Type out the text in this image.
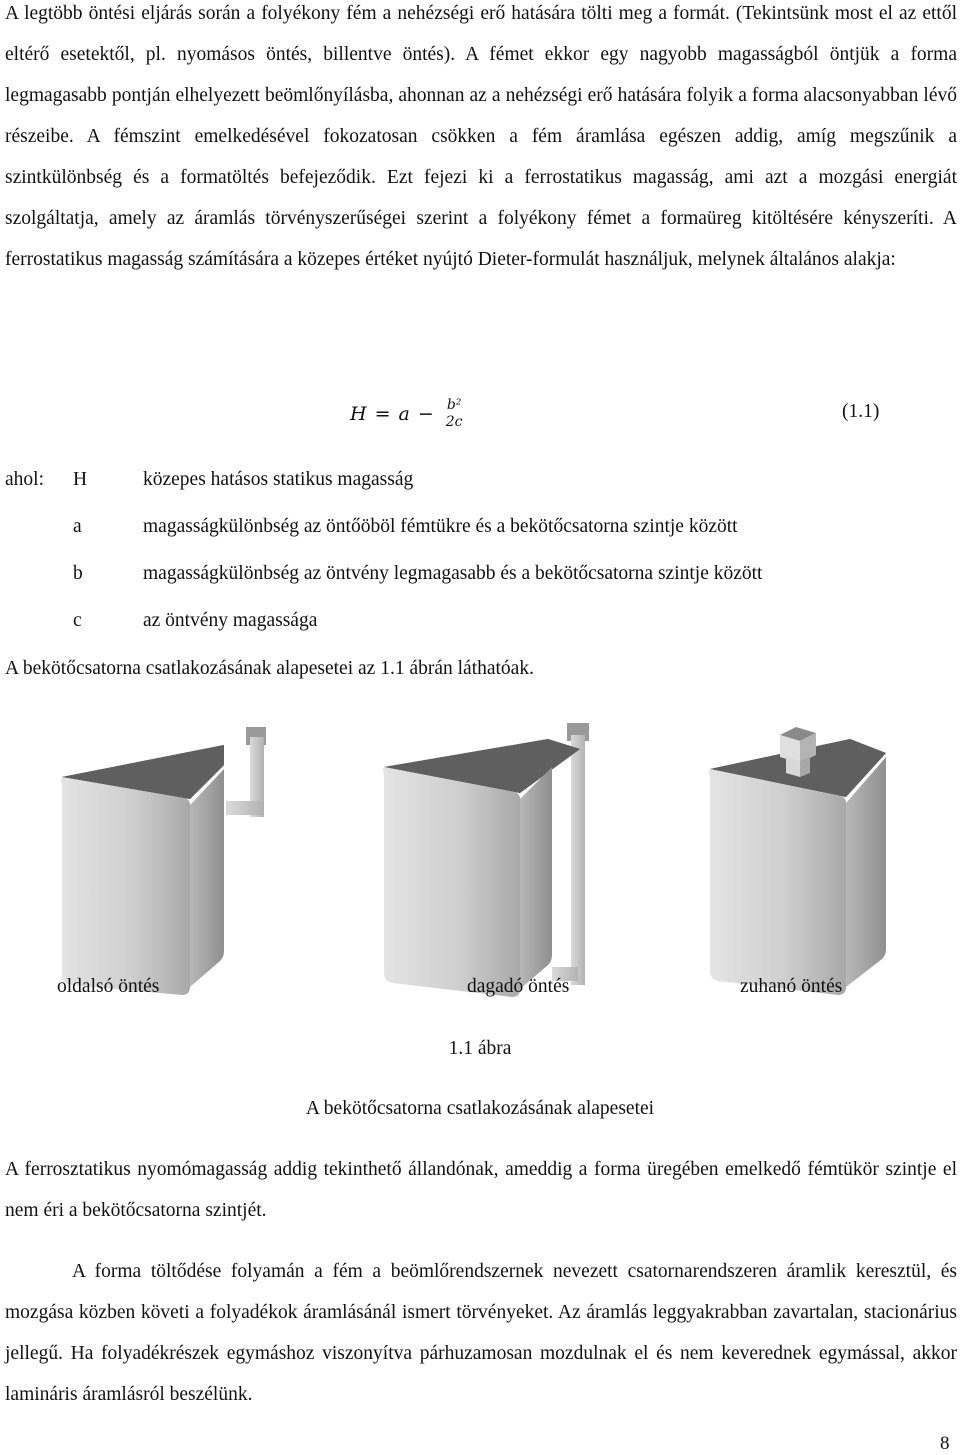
A legtöbb öntési eljárás során a folyékony fém a nehézségi erő hatására tölti meg a formát. (Tekintsünk most el az ettől eltérő esetektől, pl. nyomásos öntés, billentve öntés). A fémet ekkor egy nagyobb magasságból öntjük a forma legmagasabb pontján elhelyezett beömlőnyílásba, ahonnan az a nehézségi erő hatására folyik a forma alacsonyabban lévő részeibe. A fémszint emelkedésével fokozatosan csökken a fém áramlása egészen addig, amíg megszűnik a szintkülönbség és a formatöltés befejeződik. Ezt fejezi ki a ferrostatikus magasság, ami azt a mozgási energiát szolgáltatja, amely az áramlás törvényszerűségei szerint a folyékony fémet a formaüreg kitöltésére kényszeríti. A ferrostatikus magasság számítására a közepes értéket nyújtó Dieter-formulát használjuk, melynek általános alakja:

H = a − b²
2c	(1.1)
ahol: H	közepes hatásos statikus magasság
a	magasságkülönbség az öntőöböl fémtükre és a bekötőcsatorna szintje között
b	magasságkülönbség az öntvény legmagasabb és a bekötőcsatorna szintje között
c	az öntvény magassága
A bekötőcsatorna csatlakozásának alapesetei az 1.1 ábrán láthatóak.
oldalsó öntés	dagadó öntés	zuhanó öntés
1.1 ábra
A bekötőcsatorna csatlakozásának alapesetei

A ferrosztatikus nyomómagasság addig tekinthető állandónak, ameddig a forma üregében emelkedő fémtükör szintje el nem éri a bekötőcsatorna szintjét.

A forma töltődése folyamán a fém a beömlőrendszernek nevezett csatornarendszeren áramlik keresztül, és mozgása közben követi a folyadékok áramlásánál ismert törvényeket. Az áramlás leggyakrabban zavartalan, stacionárius jellegű. Ha folyadékrészek egymáshoz viszonyítva párhuzamosan mozdulnak el és nem keverednek egymással, akkor lamináris áramlásról beszélünk.

8
